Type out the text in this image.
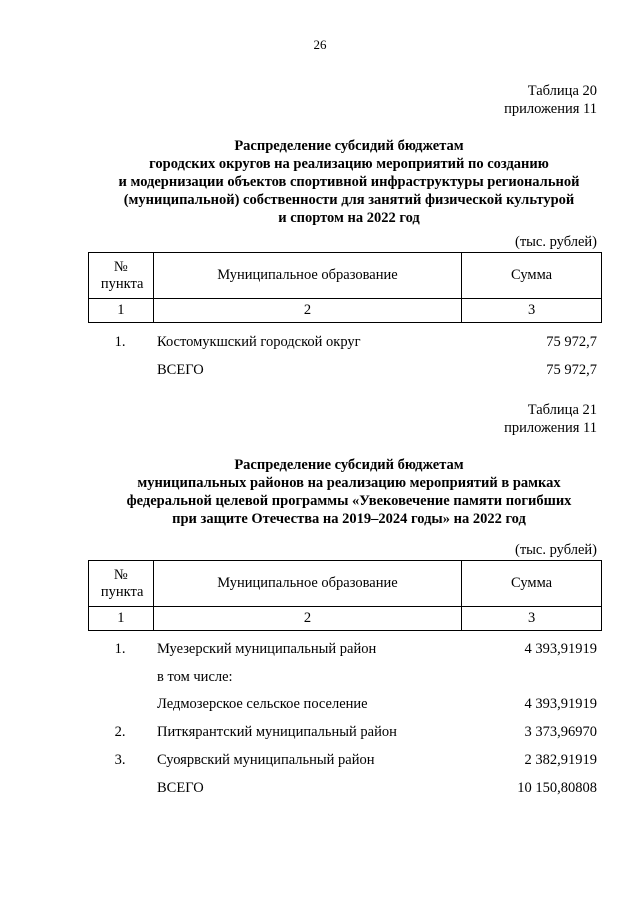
26
Таблица 20
приложения 11
Распределение субсидий бюджетам
городских округов на реализацию мероприятий по созданию
и модернизации объектов спортивной инфраструктуры региональной
(муниципальной) собственности для занятий физической культурой
и спортом на 2022 год
(тыс. рублей)
№ пункта	Муниципальное образование	Сумма
1	2	3
1.	Костомукшский городской округ	75 972,7
ВСЕГО	75 972,7
Таблица 21
приложения 11
Распределение субсидий бюджетам
муниципальных районов на реализацию мероприятий в рамках
федеральной целевой программы «Увековечение памяти погибших
при защите Отечества на 2019–2024 годы» на 2022 год
(тыс. рублей)
№ пункта	Муниципальное образование	Сумма
1	2	3
1.	Муезерский муниципальный район	4 393,91919
в том числе:
Ледмозерское сельское поселение	4 393,91919
2.	Питкярантский муниципальный район	3 373,96970
3.	Суоярвский муниципальный район	2 382,91919
ВСЕГО	10 150,80808
